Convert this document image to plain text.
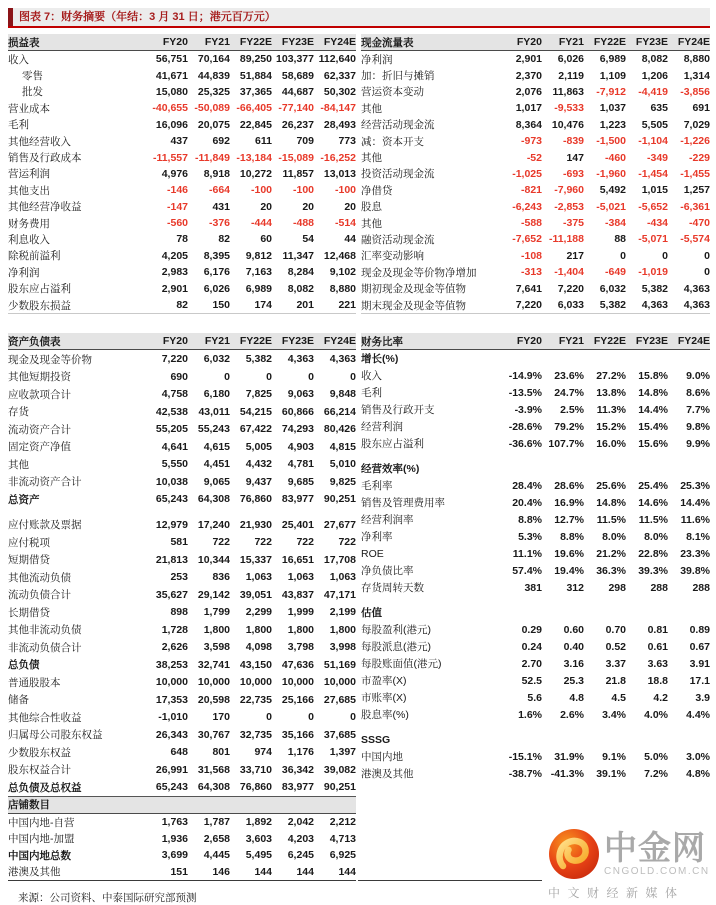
图表 7：财务摘要（年结：3 月 31 日；港元百万元）
损益表	FY20	FY21 FY22E FY23E FY24E
收入	56,751 70,164 89,250 103,377 112,640
零售	41,671 44,839 51,884 58,689 62,337
批发	15,080 25,325 37,365 44,687 50,302
营业成本	-40,655 -50,089 -66,405 -77,140 -84,147
毛利	16,096 20,075 22,845 26,237 28,493
其他经营收入	437	692	611	709	773
销售及行政成本	-11,557 -11,849 -13,184 -15,089 -16,252
营运利润	4,976	8,918 10,272 11,857 13,013
其他支出	-146	-664	-100	-100	-100
其他经营净收益	-147	431	20	20	20
财务费用	-560	-376	-444	-488	-514
利息收入	78	82	60	54	44
除税前溢利	4,205	8,395	9,812 11,347 12,468
净利润	2,983	6,176	7,163	8,284	9,102
股东应占溢利	2,901	6,026	6,989	8,082	8,880
少数股东损益	82	150	174	201	221
资产负债表	FY20	FY21 FY22E FY23E FY24E
现金及现金等价物	7,220	6,032	5,382	4,363	4,363
其他短期投资	690	0	0	0	0
应收款项合计	4,758	6,180	7,825	9,063	9,848
存货	42,538 43,011 54,215 60,866 66,214
流动资产合计	55,205 55,243 67,422 74,293 80,426
固定资产净值	4,641	4,615	5,005	4,903	4,815
其他	5,550	4,451	4,432	4,781	5,010
非流动资产合计	10,038	9,065	9,437	9,685	9,825
总资产	65,243 64,308 76,860 83,977 90,251
应付账款及票据	12,979 17,240 21,930 25,401 27,677
应付税项	581	722	722	722	722
短期借贷	21,813 10,344 15,337 16,651 17,708
其他流动负债	253	836	1,063	1,063	1,063
流动负债合计	35,627 29,142 39,051 43,837 47,171
长期借贷	898	1,799	2,299	1,999	2,199
其他非流动负债	1,728	1,800	1,800	1,800	1,800
非流动负债合计	2,626	3,598	4,098	3,798	3,998
总负债	38,253 32,741 43,150 47,636 51,169
普通股股本	10,000 10,000 10,000 10,000 10,000
储备	17,353 20,598 22,735 25,166 27,685
其他综合性收益	-1,010	170	0	0	0
归属母公司股东权益	26,343 30,767 32,735 35,166 37,685
少数股东权益	648	801	974	1,176	1,397
股东权益合计	26,991 31,568 33,710 36,342 39,082
总负债及总权益	65,243 64,308 76,860 83,977 90,251
店铺数目
中国内地-自营	1,763	1,787	1,892	2,042	2,212
中国内地-加盟	1,936	2,658	3,603	4,203	4,713
中国内地总数	3,699	4,445	5,495	6,245	6,925
港澳及其他	151	146	144	144	144
来源：公司资料、中泰国际研究部预测
现金流量表	FY20	FY21 FY22E FY23E FY24E
净利润	2,901	6,026	6,989	8,082	8,880
加：折旧与摊销	2,370	2,119	1,109	1,206	1,314
营运资本变动	2,076 11,863	-7,912	-4,419	-3,856
其他	1,017	-9,533	1,037	635	691
经营活动现金流	8,364 10,476	1,223	5,505	7,029
减：资本开支	-973	-839	-1,500	-1,104	-1,226
其他	-52	147	-460	-349	-229
投资活动现金流	-1,025	-693	-1,960	-1,454	-1,455
净借贷	-821	-7,960	5,492	1,015	1,257
股息	-6,243	-2,853	-5,021	-5,652	-6,361
其他	-588	-375	-384	-434	-470
融资活动现金流	-7,652 -11,188	88	-5,071	-5,574
汇率变动影响	-108	217	0	0	0
现金及现金等价物净增加	-313	-1,404	-649	-1,019	0
期初现金及现金等值物	7,641	7,220	6,032	5,382	4,363
期末现金及现金等值物	7,220	6,033	5,382	4,363	4,363
财务比率	FY20	FY21 FY22E FY23E FY24E
增长(%)
收入	-14.9%	23.6%	27.2%	15.8%	9.0%
毛利	-13.5%	24.7%	13.8%	14.8%	8.6%
销售及行政开支	-3.9%	2.5%	11.3%	14.4%	7.7%
经营利润	-28.6%	79.2%	15.2%	15.4%	9.8%
股东应占溢利	-36.6% 107.7%	16.0%	15.6%	9.9%
经营效率(%)
毛利率	28.4%	28.6%	25.6%	25.4%	25.3%
销售及管理费用率	20.4%	16.9%	14.8%	14.6%	14.4%
经营利润率	8.8%	12.7%	11.5%	11.5%	11.6%
净利率	5.3%	8.8%	8.0%	8.0%	8.1%
ROE	11.1%	19.6%	21.2%	22.8%	23.3%
净负债比率	57.4%	19.4%	36.3%	39.3%	39.8%
存货周转天数	381	312	298	288	288
估值
每股盈利(港元)	0.29	0.60	0.70	0.81	0.89
每股派息(港元)	0.24	0.40	0.52	0.61	0.67
每股账面值(港元)	2.70	3.16	3.37	3.63	3.91
市盈率(X)	52.5	25.3	21.8	18.8	17.1
市账率(X)	5.6	4.8	4.5	4.2	3.9
股息率(%)	1.6%	2.6%	3.4%	4.0%	4.4%
SSSG
中国内地	-15.1%	31.9%	9.1%	5.0%	3.0%
港澳及其他	-38.7% -41.3%	39.1%	7.2%	4.8%
中金网
CNGOLD.COM.CN
中文财经新媒体
